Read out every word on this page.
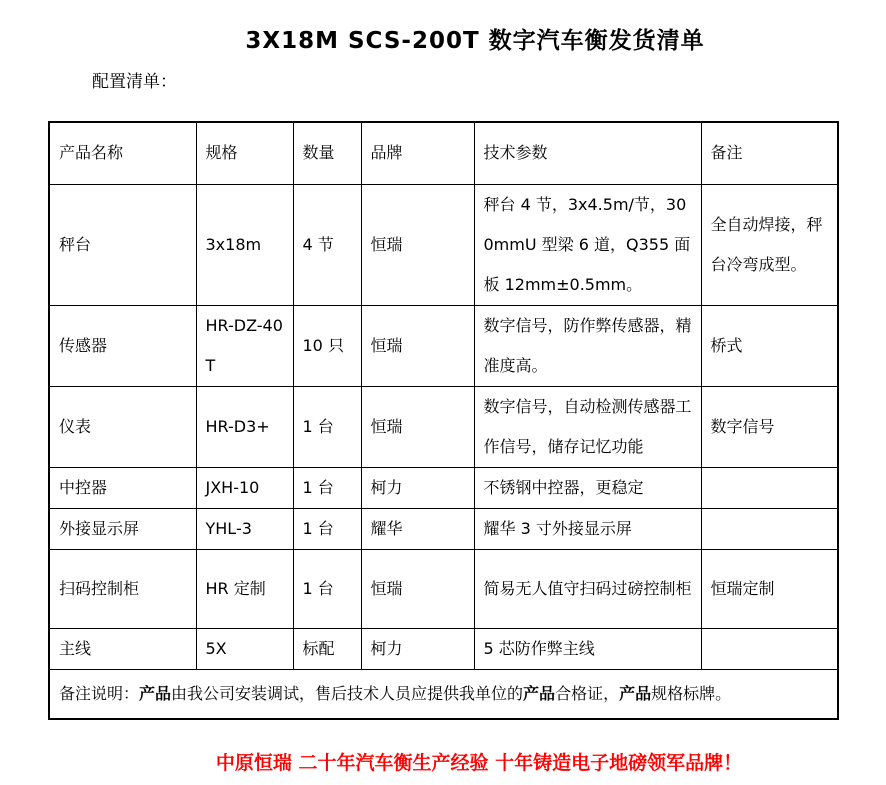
3X18M SCS-200T 数字汽车衡发货清单
配置清单：
产品名称	规格	数量	品牌	技术参数	备注
秤台	3x18m	4 节	恒瑞	秤台 4 节，3x4.5m/节，300mmU 型梁 6 道，Q355 面板 12mm±0.5mm。	全自动焊接，秤台冷弯成型。
传感器	HR-DZ-40T	10 只	恒瑞	数字信号，防作弊传感器，精准度高。	桥式
仪表	HR-D3+	1 台	恒瑞	数字信号，自动检测传感器工作信号，储存记忆功能	数字信号
中控器	JXH-10	1 台	柯力	不锈钢中控器，更稳定	
外接显示屏	YHL-3	1 台	耀华	耀华 3 寸外接显示屏	
扫码控制柜	HR 定制	1 台	恒瑞	简易无人值守扫码过磅控制柜	恒瑞定制
主线	5X	标配	柯力	5 芯防作弊主线	
备注说明：产品由我公司安装调试，售后技术人员应提供我单位的产品合格证，产品规格标牌。					
中原恒瑞 二十年汽车衡生产经验 十年铸造电子地磅领军品牌！
